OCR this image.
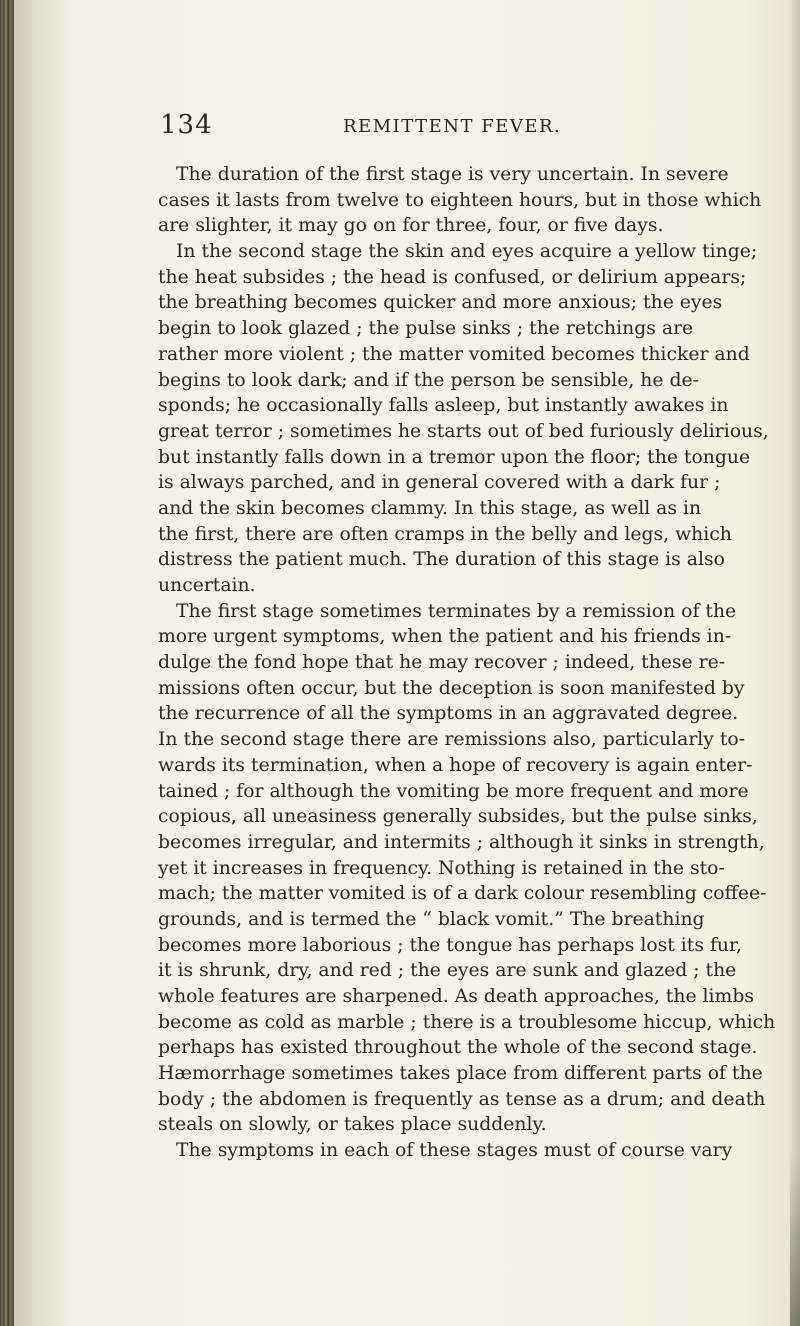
134	REMITTENT FEVER.
The duration of the first stage is very uncertain. In severe
cases it lasts from twelve to eighteen hours, but in those which
are slighter, it may go on for three, four, or five days.
In the second stage the skin and eyes acquire a yellow tinge;
the heat subsides ; the head is confused, or delirium appears;
the breathing becomes quicker and more anxious; the eyes
begin to look glazed ; the pulse sinks ; the retchings are
rather more violent ; the matter vomited becomes thicker and
begins to look dark; and if the person be sensible, he de-
sponds; he occasionally falls asleep, but instantly awakes in
great terror ; sometimes he starts out of bed furiously delirious,
but instantly falls down in a tremor upon the floor; the tongue
is always parched, and in general covered with a dark fur ;
and the skin becomes clammy. In this stage, as well as in
the first, there are often cramps in the belly and legs, which
distress the patient much. The duration of this stage is also
uncertain.
The first stage sometimes terminates by a remission of the
more urgent symptoms, when the patient and his friends in-
dulge the fond hope that he may recover ; indeed, these re-
missions often occur, but the deception is soon manifested by
the recurrence of all the symptoms in an aggravated degree.
In the second stage there are remissions also, particularly to-
wards its termination, when a hope of recovery is again enter-
tained ; for although the vomiting be more frequent and more
copious, all uneasiness generally subsides, but the pulse sinks,
becomes irregular, and intermits ; although it sinks in strength,
yet it increases in frequency. Nothing is retained in the sto-
mach; the matter vomited is of a dark colour resembling coffee-
grounds, and is termed the “ black vomit.” The breathing
becomes more laborious ; the tongue has perhaps lost its fur,
it is shrunk, dry, and red ; the eyes are sunk and glazed ; the
whole features are sharpened. As death approaches, the limbs
become as cold as marble ; there is a troublesome hiccup, which
perhaps has existed throughout the whole of the second stage.
Hæmorrhage sometimes takes place from different parts of the
body ; the abdomen is frequently as tense as a drum; and death
steals on slowly, or takes place suddenly.
The symptoms in each of these stages must of course vary
